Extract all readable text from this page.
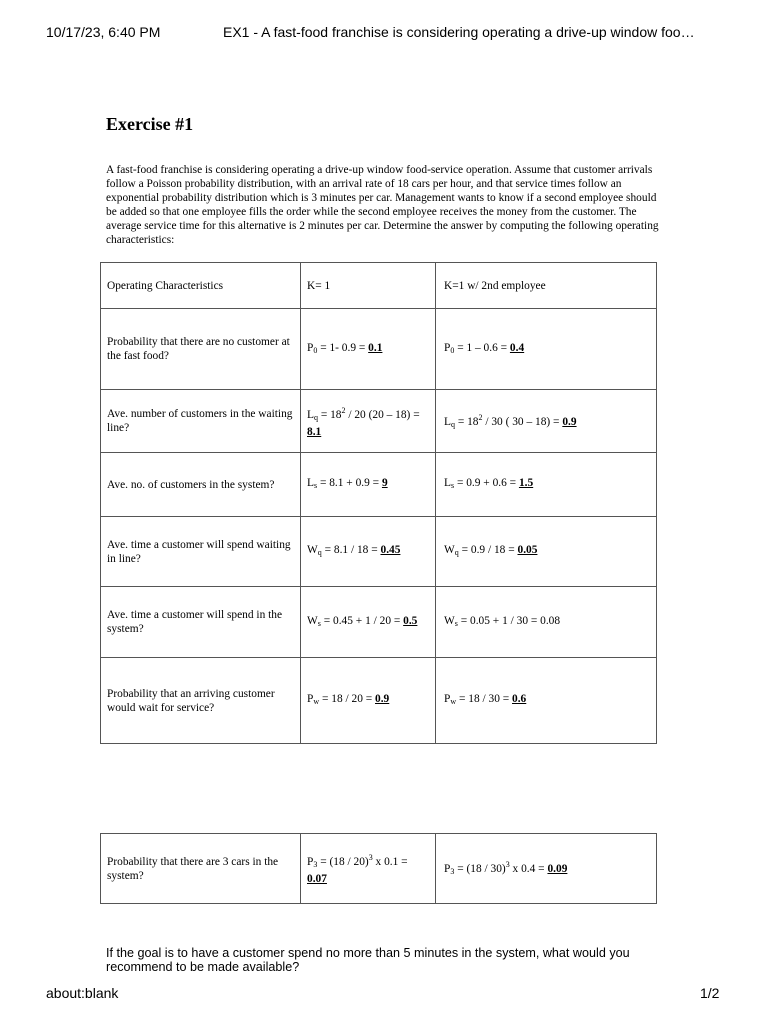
10/17/23, 6:40 PM	EX1 - A fast-food franchise is considering operating a drive-up window foo…
Exercise #1

A fast-food franchise is considering operating a drive-up window food-service operation. Assume that customer arrivals follow a Poisson probability distribution, with an arrival rate of 18 cars per hour, and that service times follow an exponential probability distribution which is 3 minutes per car. Management wants to know if a second employee should be added so that one employee fills the order while the second employee receives the money from the customer. The average service time for this alternative is 2 minutes per car. Determine the answer by computing the following operating characteristics:

Operating Characteristics	K= 1	K=1 w/ 2nd employee
Probability that there are no customer at the fast food?	$P_0 = 1-$ 0.9 = 0.1	$P_0 = 1 - 0.6 = 0.4$
Ave. number of customers in the waiting line?	$L_q = 18^2 / 20$ (20 – 18) = 8.1	$L_q = 18^2 / 30$ ( 30 – 18) = 0.9
Ave. no. of customers in the system?	$L_s = 8.1 + 0.9 = 9$	$L_s = 0.9 + 0.6 = 1.5$
Ave. time a customer will spend waiting in line?	$W_q = 8.1 / 18 = 0.45$	$W_q = 0.9 / 18 = 0.05$
Ave. time a customer will spend in the system?	$W_s = 0.45 + 1 / 20 = 0.5$	$W_s = 0.05 + 1 / 30 = 0.08$
Probability that an arriving customer would wait for service?	$P_w = 18 / 20 = 0.9$	$P_w = 18 / 30 = 0.6$
Probability that there are 3 cars in the system?	$P_3 = (18 / 20)^3$ x 0.1 = 0.07	$P_3 = (18 / 30)^3$ x 0.4 = 0.09
If the goal is to have a customer spend no more than 5 minutes in the system, what would you recommend to be made available?
about:blank	1/2
